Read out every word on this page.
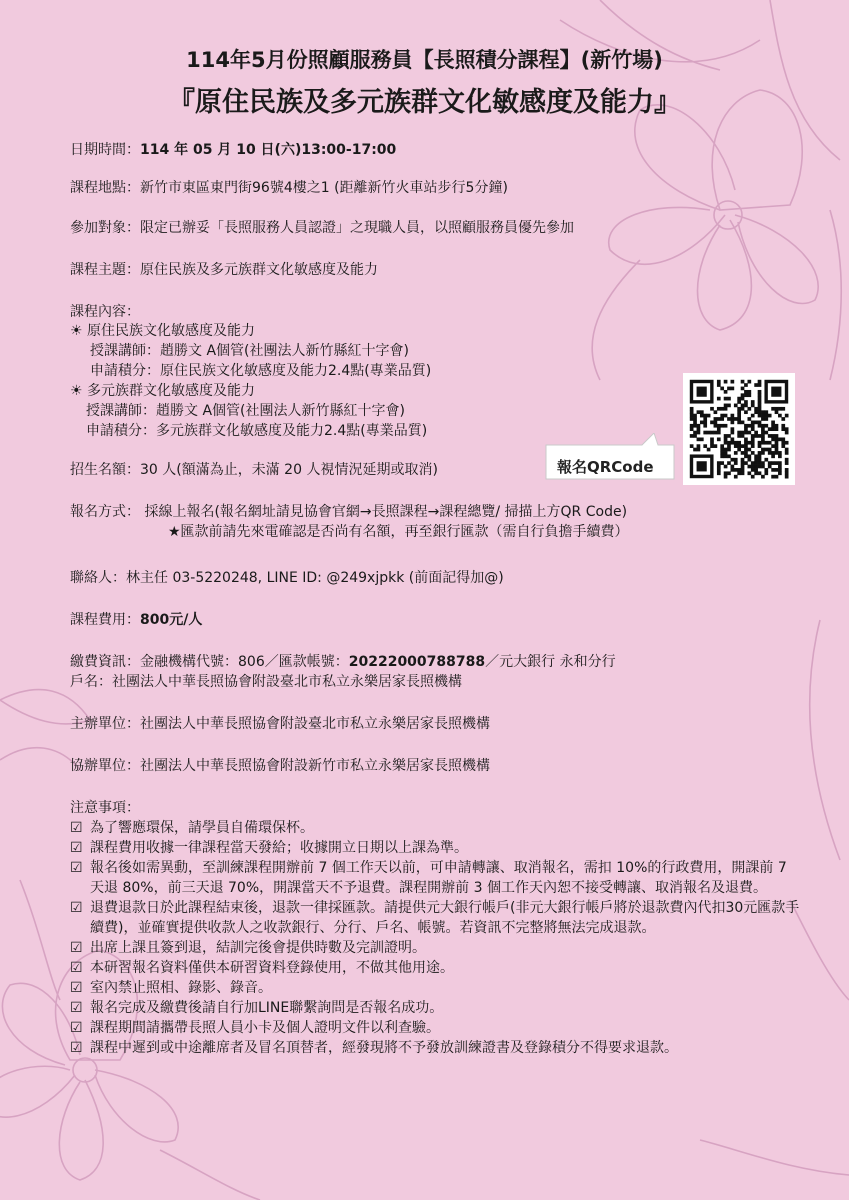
114年5月份照顧服務員【長照積分課程】(新竹場)
『原住民族及多元族群文化敏感度及能力』
日期時間：114 年 05 月 10 日(六)13:00-17:00
課程地點：新竹市東區東門街96號4樓之1 (距離新竹火車站步行5分鐘)
參加對象：限定已辦妥「長照服務人員認證」之現職人員，以照顧服務員優先參加
課程主題：原住民族及多元族群文化敏感度及能力
課程內容：
☀ 原住民族文化敏感度及能力
授課講師：趙勝文 A個管(社團法人新竹縣紅十字會)
申請積分：原住民族文化敏感度及能力2.4點(專業品質)
☀ 多元族群文化敏感度及能力
授課講師：趙勝文 A個管(社團法人新竹縣紅十字會)
申請積分：多元族群文化敏感度及能力2.4點(專業品質)
報名QRCode
招生名額：30 人(額滿為止，未滿 20 人視情況延期或取消)
報名方式： 採線上報名(報名網址請見協會官網→長照課程→課程總覽/ 掃描上方QR Code)
★匯款前請先來電確認是否尚有名額，再至銀行匯款（需自行負擔手續費）
聯絡人：林主任 03-5220248, LINE ID: @249xjpkk (前面記得加@)
課程費用：800元/人
繳費資訊：金融機構代號：806／匯款帳號：20222000788788／元大銀行 永和分行
戶名：社團法人中華長照協會附設臺北市私立永樂居家長照機構
主辦單位：社團法人中華長照協會附設臺北市私立永樂居家長照機構
協辦單位：社團法人中華長照協會附設新竹市私立永樂居家長照機構
注意事項：
☑ 為了響應環保，請學員自備環保杯。
☑ 課程費用收據一律課程當天發給；收據開立日期以上課為準。
☑ 報名後如需異動，至訓練課程開辦前 7 個工作天以前，可申請轉讓、取消報名，需扣 10%的行政費用，開課前 7 天退 80%，前三天退 70%，開課當天不予退費。課程開辦前 3 個工作天內恕不接受轉讓、取消報名及退費。
☑ 退費退款日於此課程結束後，退款一律採匯款。請提供元大銀行帳戶(非元大銀行帳戶將於退款費內代扣30元匯款手續費)，並確實提供收款人之收款銀行、分行、戶名、帳號。若資訊不完整將無法完成退款。
☑ 出席上課且簽到退，結訓完後會提供時數及完訓證明。
☑ 本研習報名資料僅供本研習資料登錄使用，不做其他用途。
☑ 室內禁止照相、錄影、錄音。
☑ 報名完成及繳費後請自行加LINE聯繫詢問是否報名成功。
☑ 課程期間請攜帶長照人員小卡及個人證明文件以利查驗。
☑ 課程中遲到或中途離席者及冒名頂替者，經發現將不予發放訓練證書及登錄積分不得要求退款。
